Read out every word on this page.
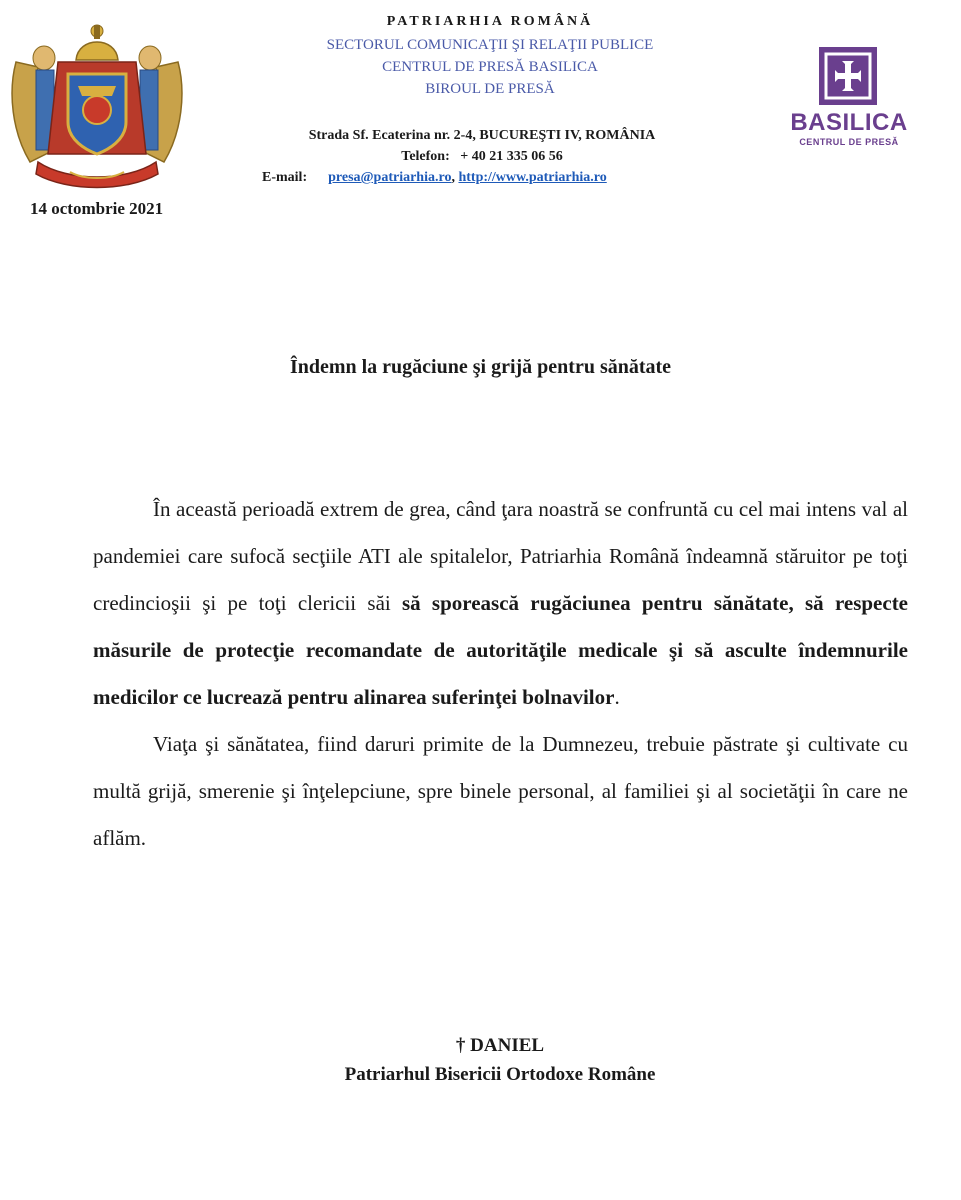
14 octombrie 2021
PATRIARHIA ROMÂNĂ
SECTORUL COMUNICAŢII ŞI RELAŢII PUBLICE
CENTRUL DE PRESĂ BASILICA
BIROUL DE PRESĂ
Strada Sf. Ecaterina nr. 2-4, BUCUREŞTI IV, ROMÂNIA
Telefon: + 40 21 335 06 56
E-mail: presa@patriarhia.ro, http://www.patriarhia.ro
BASILICA
CENTRUL DE PRESĂ
Îndemn la rugăciune şi grijă pentru sănătate

În această perioadă extrem de grea, când ţara noastră se confruntă cu cel mai intens val al pandemiei care sufocă secţiile ATI ale spitalelor, Patriarhia Română îndeamnă stăruitor pe toţi credincioşii şi pe toţi clericii săi să sporească rugăciunea pentru sănătate, să respecte măsurile de protecţie recomandate de autorităţile medicale şi să asculte îndemnurile medicilor ce lucrează pentru alinarea suferinţei bolnavilor.

Viaţa şi sănătatea, fiind daruri primite de la Dumnezeu, trebuie păstrate şi cultivate cu multă grijă, smerenie şi înţelepciune, spre binele personal, al familiei şi al societăţii în care ne aflăm.

† DANIEL
Patriarhul Bisericii Ortodoxe Române
